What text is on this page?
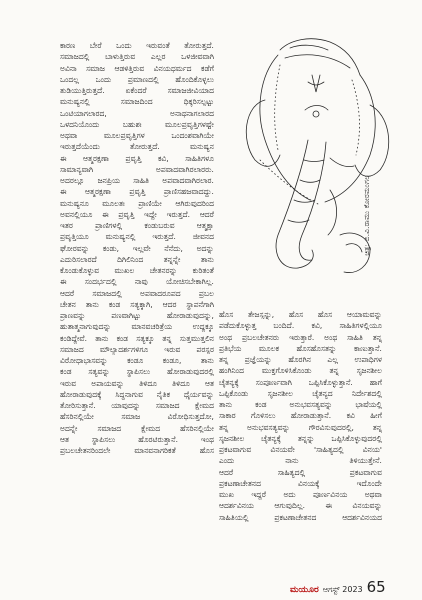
ಕಾರಣ ಬೇರೆ ಒಂದು ಇರುವಂತೆ ತೋರುತ್ತದೆ.
ಸಮಾಜದಲ್ಲಿ ಬಾಳುತ್ತಿರುವ ಎಲ್ಲರ ಒಳಜೀವವಾಗಿ
ಅವಿನಾ ಸಮಾಜ ಆಡಳಿತ್ತಿರುವ ವಿನಯಧರ್ಮದ ಕಡೆಗೆ
ಒಂದಲ್ಲ ಒಂದು ಪ್ರಮಾಣದಲ್ಲಿ ಹೊಂದಿಕೊಳ್ಳಲು
ತುಡಿಯುತ್ತಿರುತ್ತದೆ. ಏಕೆಂದರೆ ಸಮಾಜಜೀವಿಯಾದ
ಮನುಷ್ಯನಲ್ಲಿ ಸಮಾಜದಿಂದ ಧಿಕ್ಕರಿಸಲ್ಪಟ್ಟು
ಒಂಟಿಯಾಗಲಾರದ, ಅನಾಥನಾಗಲಾರದ
ಒಳದನಿಯೊಂದು ಬಹುಶಃ ಮೂಲಪ್ರವೃತ್ತಿಗಳಷ್ಟೇ
ಅಥವಾ ಮೂಲಪ್ರವೃತ್ತಿಗಳ ಒಂದಂಶವಾಗಿಯೇ
ಇರುತ್ತದೆಯೆಂದು ತೋರುತ್ತದೆ. ಮನುಷ್ಯನ
ಈ ಆತ್ಮರಕ್ಷಣಾ ಪ್ರವೃತ್ತಿ ಕವಿ, ಸಾಹಿತಿಗಳೂ
ಸಾಮಾನ್ಯವಾಗಿ ಅಪವಾದವಾಗಿರಲಾರರು.
ಅದರಲ್ಲೂ ಜನಪ್ರಿಯ ಸಾಹಿತಿ ಅಪವಾದವಾಗಿರಲಾರ.
ಈ ಆತ್ಮರಕ್ಷಣಾ ಪ್ರವೃತ್ತಿ ಪ್ರಾಣಿಸಹಜವಾದದ್ದು.
ಮನುಷ್ಯನೂ ಮೂಲತಃ ಪ್ರಾಣಿಯೇ ಆಗಿರುವುದರಿಂದ
ಅವನಲ್ಲಿಯೂ ಈ ಪ್ರವೃತ್ತಿ ಇದ್ದೇ ಇರುತ್ತದೆ. ಆದರೆ
ಇತರ ಪ್ರಾಣಿಗಳಲ್ಲಿ ಕಂಡುಬರುವ ಆತ್ಮಕ್ಷಾ
ಪ್ರವೃತ್ತಿಯೂ ಮನುಷ್ಯನಲ್ಲಿ ಇರುತ್ತದೆ. ಜೀವನದ
ಘೋರವನ್ನು ಕಂಡು, ಇಲ್ಲವೇ ನೆನೆದು, ಅದನ್ನು
ಎದುರಿಸಲಾರದೆ ದಿಗಿಲಿನಿಂದ ತನ್ನನ್ನೇ ತಾನು
ಕೊಂಡುಕೊಳ್ಳುವ ಮುಖಲ ಚೇತನರನ್ನು ಕುರಿತಂತೆ
ಈ ಸಂದರ್ಭದಲ್ಲಿ ನಾವು ಯೋಚಿಸಬೇಕಾಗಿಲ್ಲ.
ಆದರೆ ಸಮಾಜದಲ್ಲಿ ಅಪವಾದರೂಪದ ಪ್ರಬಲ
ಚೇತನ ತಾನು ಕಂಡ ಸತ್ಯಕ್ಕಾಗಿ, ಆದರ ಸ್ಥಾಪನೆಗಾಗಿ
ಪ್ರಾಣವನ್ನು ಪಣವಾಗಿಟ್ಟು ಹೋರಾಡುವುದನ್ನು,
ಹುತಾತ್ಮನಾಗುವುದನ್ನು ಮಾನವಚರಿತ್ರೆಯ ಉದ್ದಕ್ಕೂ
ಕಂಡಿದ್ದೇವೆ. ತಾನು ಕಂಡ ಸತ್ಯಕ್ಕೂ ತನ್ನ ಸುತ್ತಮುತ್ತಲಿನ
ಸಮಾಜದ ಮೌಲ್ಯಾದರ್ಶಗಳಿಗೂ ಇರುವ ಪರಸ್ಪರ
ವಿರೋಧಾಭಾಸವನ್ನು ಕಂಡೂ ಕಂಡೂ, ತಾನು
ಕಂಡ ಸತ್ಯವನ್ನು ಸ್ಥಾಪಿಸಲು ಹೋರಾಡುವುದರಲ್ಲಿ
ಇರುವ ಅಪಾಯವನ್ನು ತಿಳಿದೂ ತಿಳಿದೂ ಆತ
ಹೋರಾಡುವುದಕ್ಕೆ ಸಿದ್ಧನಾಗುವ ನೈತಿಕ ಧೈರ್ಯವನ್ನು
ತೋರಿಸುತ್ತಾನೆ. ಯಾವುದನ್ನು ಸಮಾಜದ ಕ್ಷೇಮದ
ಹೆಸರಿನಲ್ಲಿಯೇ ಸಮಾಜ ವಿರೋಧಿಸುತ್ತದೋ,
ಅದನ್ನೇ ಸಮಾಜದ ಕ್ಷೇಮದ ಹೆಸರಿನಲ್ಲಿಯೇ
ಆತ ಸ್ಥಾಪಿಸಲು ಹೊರಟಿರುತ್ತಾನೆ. ಇಂಥ
ಪ್ರಬಲಚೇತನರಿಂದಲೇ ಮಾನವನಾಗರಿಕತೆ ಹೊಸ
ಚಿತ್ರ: ಬಿ.ವಿ.ರಾಮು ಕೋರಮಂಗಲ
ಹೊಸ ತೇಜಸ್ಸನ್ನು, ಹೊಸ ಹೊಸ ಆಯಾಮವನ್ನು
ಪಡೆದುಕೊಳ್ಳುತ್ತ ಬಂದಿದೆ. ಕವಿ, ಸಾಹಿತಿಗಳಲ್ಲಿಯೂ
ಅಂಥ ಪ್ರಬಲಚೇತನರು ಇರುತ್ತಾರೆ. ಅಂಥ ಸಾಹಿತಿ ತನ್ನ
ಪ್ರತಿಭೆಯ ಮೂಲಕ ಹೊಸಹೊಸತನ್ನು ಕಾಣುತ್ತಾನೆ.
ತನ್ನ ಪ್ರಜ್ಞೆಯನ್ನು ಹೊರಗಿನ ಎಲ್ಲ ಉಪಾಧಿಗಳ
ಹಂಗಿನಿಂದ ಮುಕ್ತಗೊಳಿಸಿಕೊಂಡು ತನ್ನ ಸೃಜನಶೀಲ
ಚೈತನ್ಯಕ್ಕೆ ಸಂಪೂರ್ಣವಾಗಿ ಒಪ್ಪಿಸಿಕೊಳ್ಳುತ್ತಾನೆ. ಹಾಗೆ
ಒಪ್ಪಿಕೊಂಡು ಸೃಜನಶೀಲ ಚೈತನ್ಯದ ನಿರ್ದೇಶದಲ್ಲಿ
ತಾನು ಕಂಡ ಅನುಭವಸತ್ಯವನ್ನು ಭಾಷೆಯಲ್ಲಿ
ಸಾಕಾರ ಗೊಳಿಸಲು ಹೋರಾಡುತ್ತಾನೆ. ಕವಿ ಹೀಗೆ
ತನ್ನ ಅನುಭವಸತ್ಯವನ್ನು ಗೌರವಿಸುವುದರಲ್ಲಿ, ತನ್ನ
ಸೃಜನಶೀಲ ಚೈತನ್ಯಕ್ಕೆ ತನ್ನನ್ನು ಒಪ್ಪಿಸಿಕೊಳ್ಳುವುದರಲ್ಲಿ
ಪ್ರಕಟವಾಗುವ ವಿನಯವೇ 'ಸಾಹಿತ್ಯದಲ್ಲಿ ವಿನಯ'
ಎಂದು ನಾನು ತಿಳಿಯುತ್ತೇನೆ.
ಆದರೆ ಸಾಹಿತ್ಯದಲ್ಲಿ ಪ್ರಕಟವಾಗುವ
ಪ್ರಕಟಣಾಚೇತನದ ವಿನಯಕ್ಕೆ ಇದೊಂದೇ
ಮುಖ ಇದ್ದರೆ ಅದು ಪೂರ್ಣವಿನಯ ಅಥವಾ
ಆದರ್ಶವಿನಯ ಆಗುವುದಿಲ್ಲ. ಈ ವಿನಯವನ್ನು
ಸಾಹಿತಿಯಲ್ಲಿ ಪ್ರಕಟಣಾಚೇತನದ ಆದರ್ಶವಿನಯದ
ಮಯೂರ ಆಗಸ್ಟ್ 2023 65
